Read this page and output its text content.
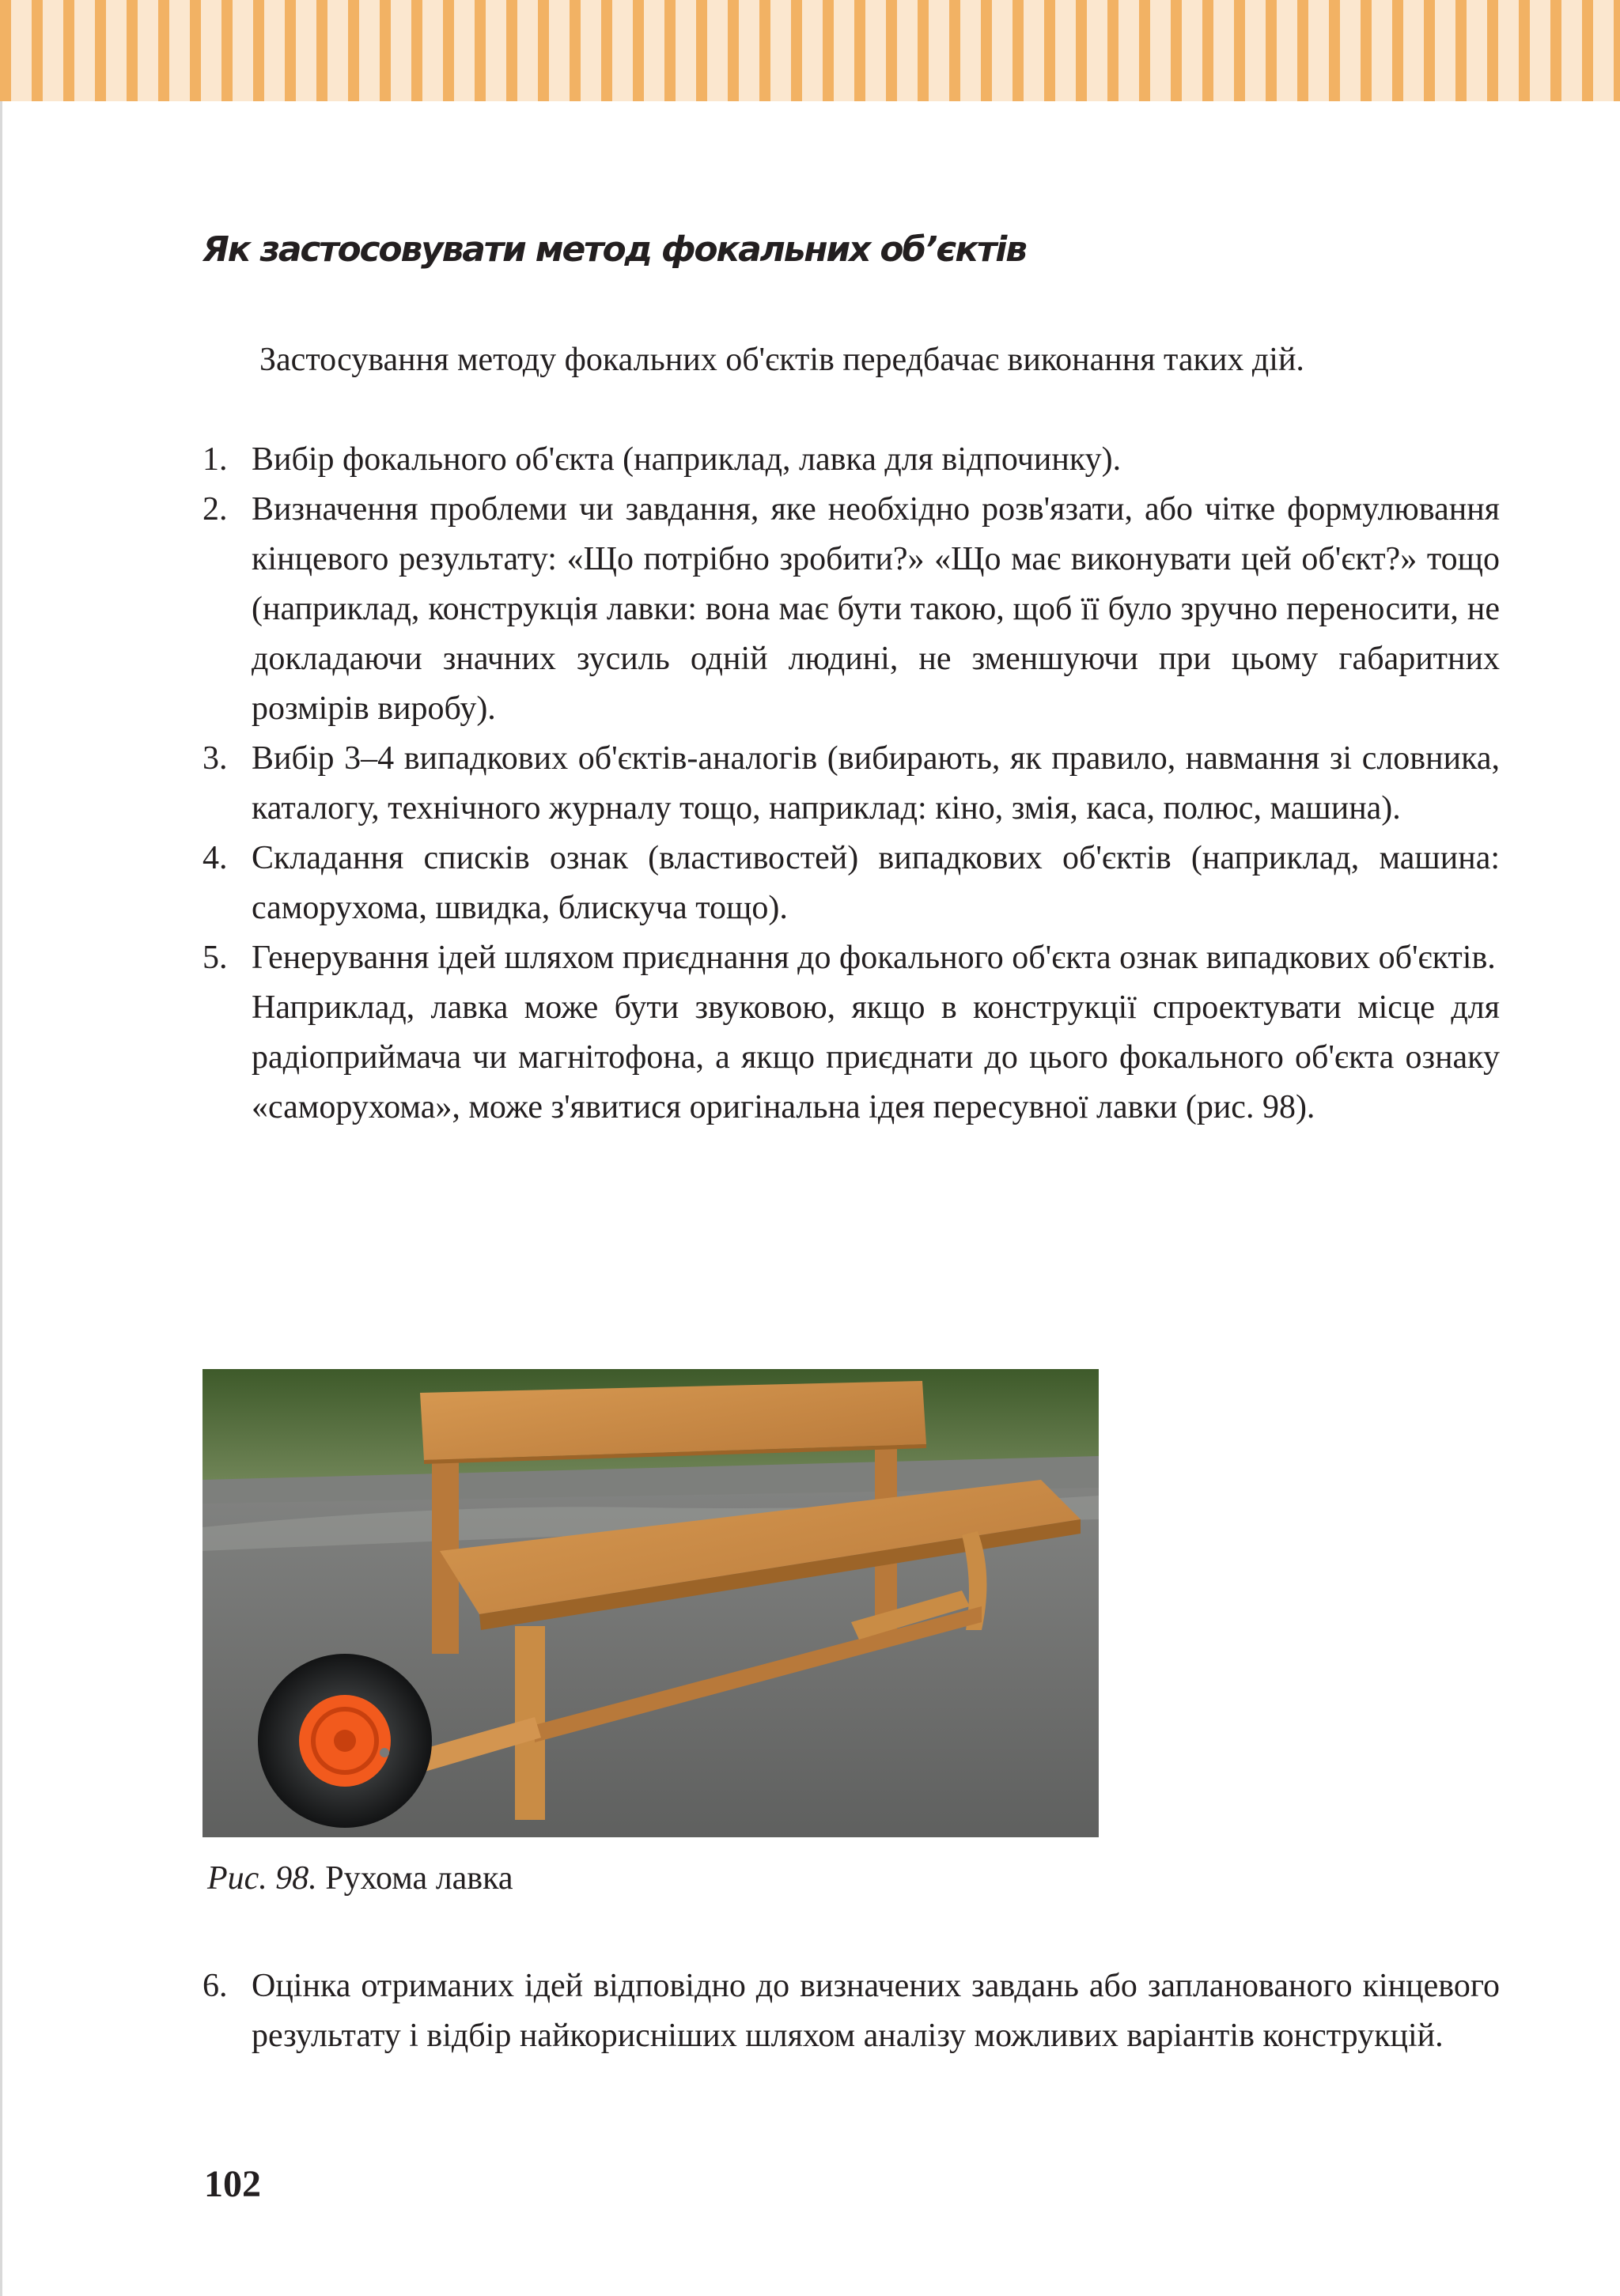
Як застосовувати метод фокальних об’єктів

Застосування методу фокальних об'єктів передбачає виконання таких дій.

1. Вибір фокального об'єкта (наприклад, лавка для відпочинку).
2. Визначення проблеми чи завдання, яке необхідно розв'язати, або чітке формулювання кінцевого результату: «Що потрібно зробити?» «Що має виконувати цей об'єкт?» тощо (наприклад, конструкція лавки: вона має бути такою, щоб її було зручно переносити, не докладаючи значних зусиль одній людині, не зменшуючи при цьому габаритних розмірів виробу).
3. Вибір 3–4 випадкових об'єктів-аналогів (вибирають, як правило, навмання зі словника, каталогу, технічного журналу тощо, наприклад: кіно, змія, каса, полюс, машина).
4. Складання списків ознак (властивостей) випадкових об'єктів (наприклад, машина: саморухома, швидка, блискуча тощо).
5. Генерування ідей шляхом приєднання до фокального об'єкта ознак випадкових об'єктів.
Наприклад, лавка може бути звуковою, якщо в конструкції спроектувати місце для радіоприймача чи магнітофона, а якщо приєднати до цього фокального об'єкта ознаку «саморухома», може з'явитися оригінальна ідея пересувної лавки (рис. 98).
Рис. 98. Рухома лавка
6. Оцінка отриманих ідей відповідно до визначених завдань або запланованого кінцевого результату і відбір найкорисніших шляхом аналізу можливих варіантів конструкцій.
102
